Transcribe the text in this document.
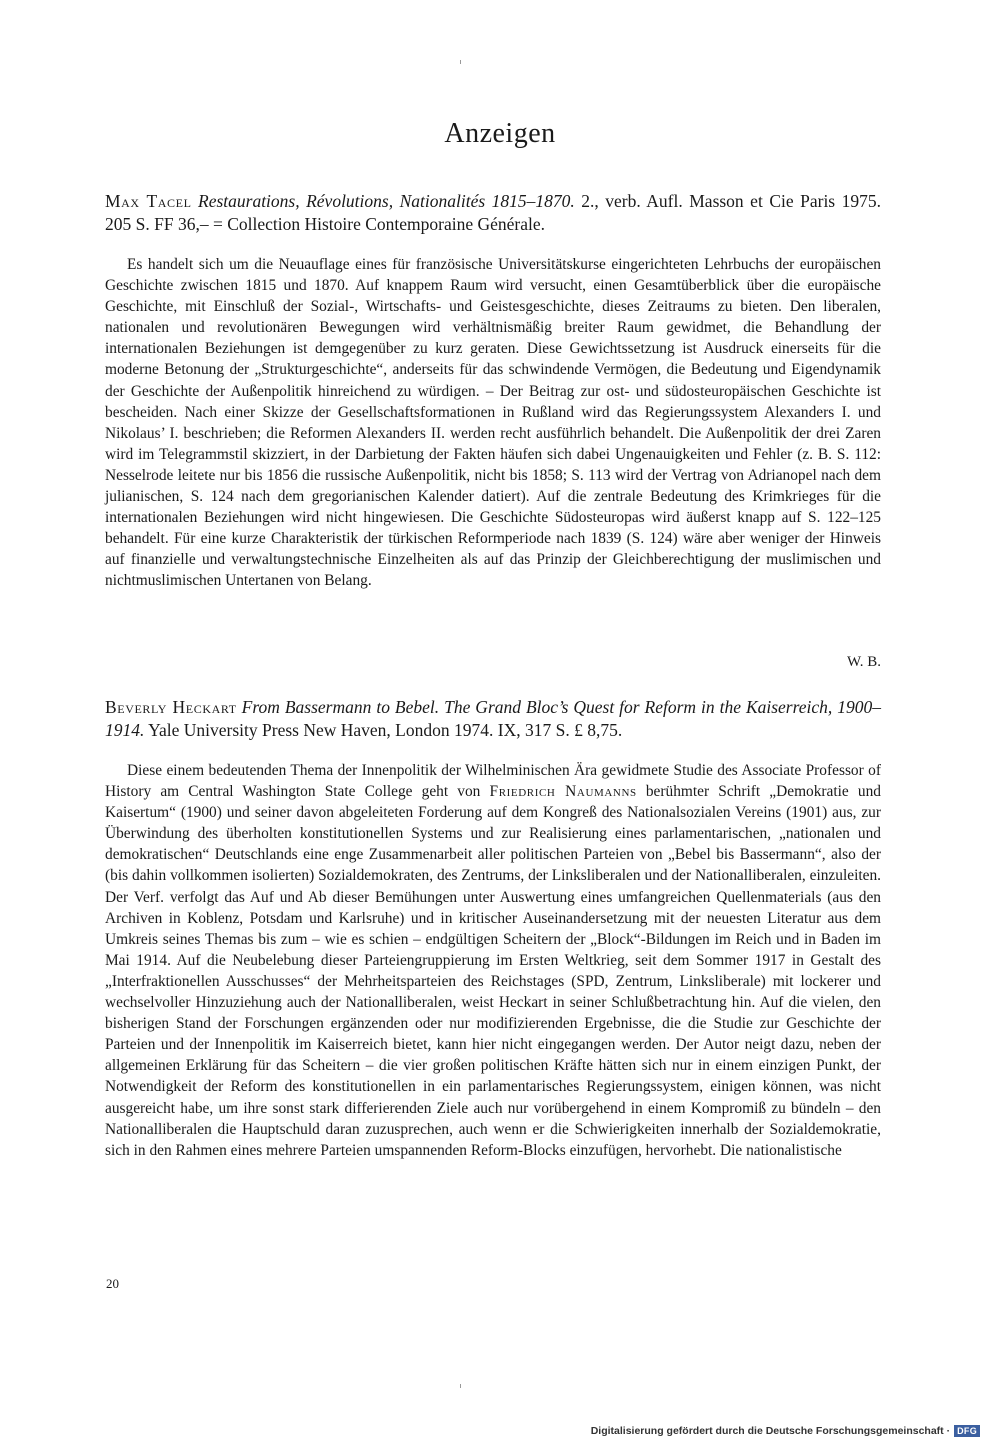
Anzeigen
Max Tacel Restaurations, Révolutions, Nationalités 1815–1870. 2., verb. Aufl. Masson et Cie Paris 1975. 205 S. FF 36,– = Collection Histoire Contemporaine Générale.

Es handelt sich um die Neuauflage eines für französische Universitätskurse eingerichteten Lehrbuchs der europäischen Geschichte zwischen 1815 und 1870. Auf knappem Raum wird versucht, einen Gesamtüberblick über die europäische Geschichte, mit Einschluß der Sozial-, Wirtschafts- und Geistesgeschichte, dieses Zeitraums zu bieten. Den liberalen, nationalen und revolutionären Bewegungen wird verhältnismäßig breiter Raum gewidmet, die Behandlung der internationalen Beziehungen ist demgegenüber zu kurz geraten. Diese Gewichtssetzung ist Ausdruck einerseits für die moderne Betonung der „Strukturgeschichte“, anderseits für das schwindende Vermögen, die Bedeutung und Eigendynamik der Geschichte der Außenpolitik hinreichend zu würdigen. – Der Beitrag zur ost- und südosteuropäischen Geschichte ist bescheiden. Nach einer Skizze der Gesellschaftsformationen in Rußland wird das Regierungssystem Alexanders I. und Nikolaus’ I. beschrieben; die Reformen Alexanders II. werden recht ausführlich behandelt. Die Außenpolitik der drei Zaren wird im Telegrammstil skizziert, in der Darbietung der Fakten häufen sich dabei Ungenauigkeiten und Fehler (z. B. S. 112: Nesselrode leitete nur bis 1856 die russische Außenpolitik, nicht bis 1858; S. 113 wird der Vertrag von Adrianopel nach dem julianischen, S. 124 nach dem gregorianischen Kalender datiert). Auf die zentrale Bedeutung des Krimkrieges für die internationalen Beziehungen wird nicht hingewiesen. Die Geschichte Südosteuropas wird äußerst knapp auf S. 122–125 behandelt. Für eine kurze Charakteristik der türkischen Reformperiode nach 1839 (S. 124) wäre aber weniger der Hinweis auf finanzielle und verwaltungstechnische Einzelheiten als auf das Prinzip der Gleichberechtigung der muslimischen und nichtmuslimischen Untertanen von Belang.

W. B.
Beverly Heckart From Bassermann to Bebel. The Grand Bloc’s Quest for Reform in the Kaiserreich, 1900–1914. Yale University Press New Haven, London 1974. IX, 317 S. £ 8,75.

Diese einem bedeutenden Thema der Innenpolitik der Wilhelminischen Ära gewidmete Studie des Associate Professor of History am Central Washington State College geht von Friedrich Naumanns berühmter Schrift „Demokratie und Kaisertum“ (1900) und seiner davon abgeleiteten Forderung auf dem Kongreß des Nationalsozialen Vereins (1901) aus, zur Überwindung des überholten konstitutionellen Systems und zur Realisierung eines parlamentarischen, „nationalen und demokratischen“ Deutschlands eine enge Zusammenarbeit aller politischen Parteien von „Bebel bis Bassermann“, also der (bis dahin vollkommen isolierten) Sozialdemokraten, des Zentrums, der Linksliberalen und der Nationalliberalen, einzuleiten. Der Verf. verfolgt das Auf und Ab dieser Bemühungen unter Auswertung eines umfangreichen Quellenmaterials (aus den Archiven in Koblenz, Potsdam und Karlsruhe) und in kritischer Auseinandersetzung mit der neuesten Literatur aus dem Umkreis seines Themas bis zum – wie es schien – endgültigen Scheitern der „Block“-Bildungen im Reich und in Baden im Mai 1914. Auf die Neubelebung dieser Parteiengruppierung im Ersten Weltkrieg, seit dem Sommer 1917 in Gestalt des „Interfraktionellen Ausschusses“ der Mehrheitsparteien des Reichstages (SPD, Zentrum, Linksliberale) mit lockerer und wechselvoller Hinzuziehung auch der Nationalliberalen, weist Heckart in seiner Schlußbetrachtung hin. Auf die vielen, den bisherigen Stand der Forschungen ergänzenden oder nur modifizierenden Ergebnisse, die die Studie zur Geschichte der Parteien und der Innenpolitik im Kaiserreich bietet, kann hier nicht eingegangen werden. Der Autor neigt dazu, neben der allgemeinen Erklärung für das Scheitern – die vier großen politischen Kräfte hätten sich nur in einem einzigen Punkt, der Notwendigkeit der Reform des konstitutionellen in ein parlamentarisches Regierungssystem, einigen können, was nicht ausgereicht habe, um ihre sonst stark differierenden Ziele auch nur vorübergehend in einem Kompromiß zu bündeln – den Nationalliberalen die Hauptschuld daran zuzusprechen, auch wenn er die Schwierigkeiten innerhalb der Sozialdemokratie, sich in den Rahmen eines mehrere Parteien umspannenden Reform-Blocks einzufügen, hervorhebt. Die nationalistische

20
Digitalisierung gefördert durch die Deutsche Forschungsgemeinschaft · DFG
